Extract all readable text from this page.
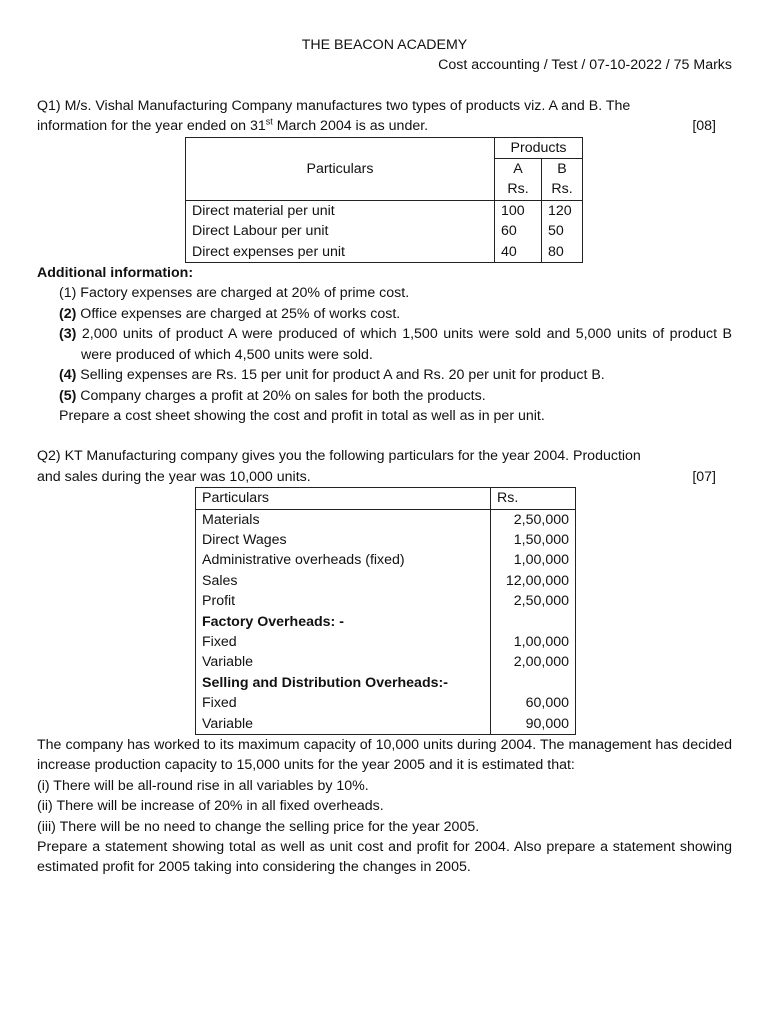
THE BEACON ACADEMY
Cost accounting / Test / 07-10-2022 / 75 Marks
Q1) M/s. Vishal Manufacturing Company manufactures two types of products viz. A and B. The
information for the year ended on 31st March 2004 is as under.	[08]
Particulars	Products	
	A	B
	Rs.	Rs.
Direct material per unit	100	120
Direct Labour per unit	60	50
Direct expenses per unit	40	80
Additional information:
(1) Factory expenses are charged at 20% of prime cost.
(2) Office expenses are charged at 25% of works cost.
(3) 2,000 units of product A were produced of which 1,500 units were sold and 5,000 units of product B were produced of which 4,500 units were sold.
(4) Selling expenses are Rs. 15 per unit for product A and Rs. 20 per unit for product B.
(5) Company charges a profit at 20% on sales for both the products.
Prepare a cost sheet showing the cost and profit in total as well as in per unit.
Q2) KT Manufacturing company gives you the following particulars for the year 2004. Production
and sales during the year was 10,000 units.	[07]
Particulars	Rs.
Materials	2,50,000
Direct Wages	1,50,000
Administrative overheads (fixed)	1,00,000
Sales	12,00,000
Profit	2,50,000
Factory Overheads: -	
Fixed	1,00,000
Variable	2,00,000
Selling and Distribution Overheads:-	
Fixed	60,000
Variable	90,000
The company has worked to its maximum capacity of 10,000 units during 2004. The management has decided increase production capacity to 15,000 units for the year 2005 and it is estimated that:
(i) There will be all-round rise in all variables by 10%.
(ii) There will be increase of 20% in all fixed overheads.
(iii) There will be no need to change the selling price for the year 2005.
Prepare a statement showing total as well as unit cost and profit for 2004. Also prepare a statement showing estimated profit for 2005 taking into considering the changes in 2005.
